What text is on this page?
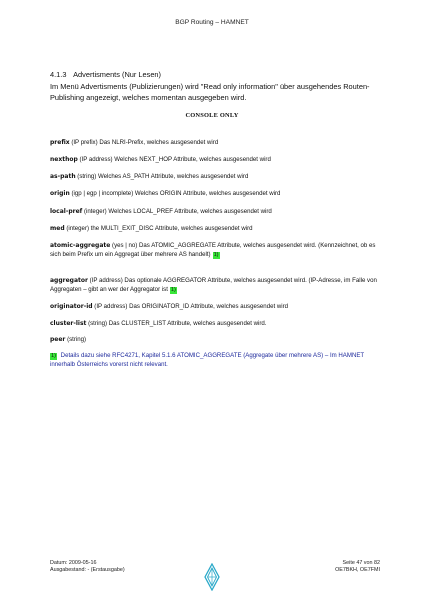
BGP Routing – HAMNET
4.1.3 Advertisments (Nur Lesen)
Im Menü Advertisments (Publizierungen) wird "Read only information" über ausgehendes Routen-Publishing angezeigt, welches momentan ausgegeben wird.
CONSOLE ONLY
prefix (IP prefix) Das NLRI-Prefix, welches ausgesendet wird
nexthop (IP address) Welches NEXT_HOP Attribute, welches ausgesendet wird
as-path (string) Welches AS_PATH Attribute, welches ausgesendet wird
origin (igp | egp | incomplete) Welches ORIGIN Attribute, welches ausgesendet wird
local-pref (integer) Welches LOCAL_PREF Attribute, welches ausgesendet wird
med (integer) the MULTI_EXIT_DISC Attribute, welches ausgesendet wird
atomic-aggregate (yes | no) Das ATOMIC_AGGREGATE Attribute, welches ausgesendet wird. (Kennzeichnet, ob es sich beim Prefix um ein Aggregat über mehrere AS handelt) 1)
aggregator (IP address) Das optionale AGGREGATOR Attribute, welches ausgesendet wird. (IP-Adresse, im Falle von Aggregaten – gibt an wer der Aggregator ist 1)
originator-id (IP address) Das ORIGINATOR_ID Attribute, welches ausgesendet wird
cluster-list (string) Das CLUSTER_LIST Attribute, welches ausgesendet wird.
peer (string)
1) Details dazu siehe RFC4271, Kapitel 5.1.6 ATOMIC_AGGREGATE (Aggregate über mehrere AS) – Im HAMNET innerhalb Österreichs vorerst nicht relevant.
Datum: 2009-05-16
Ausgabestand: - (Erstausgabe)
Seite 47 von 82
OE7BKH, OE7FMI
